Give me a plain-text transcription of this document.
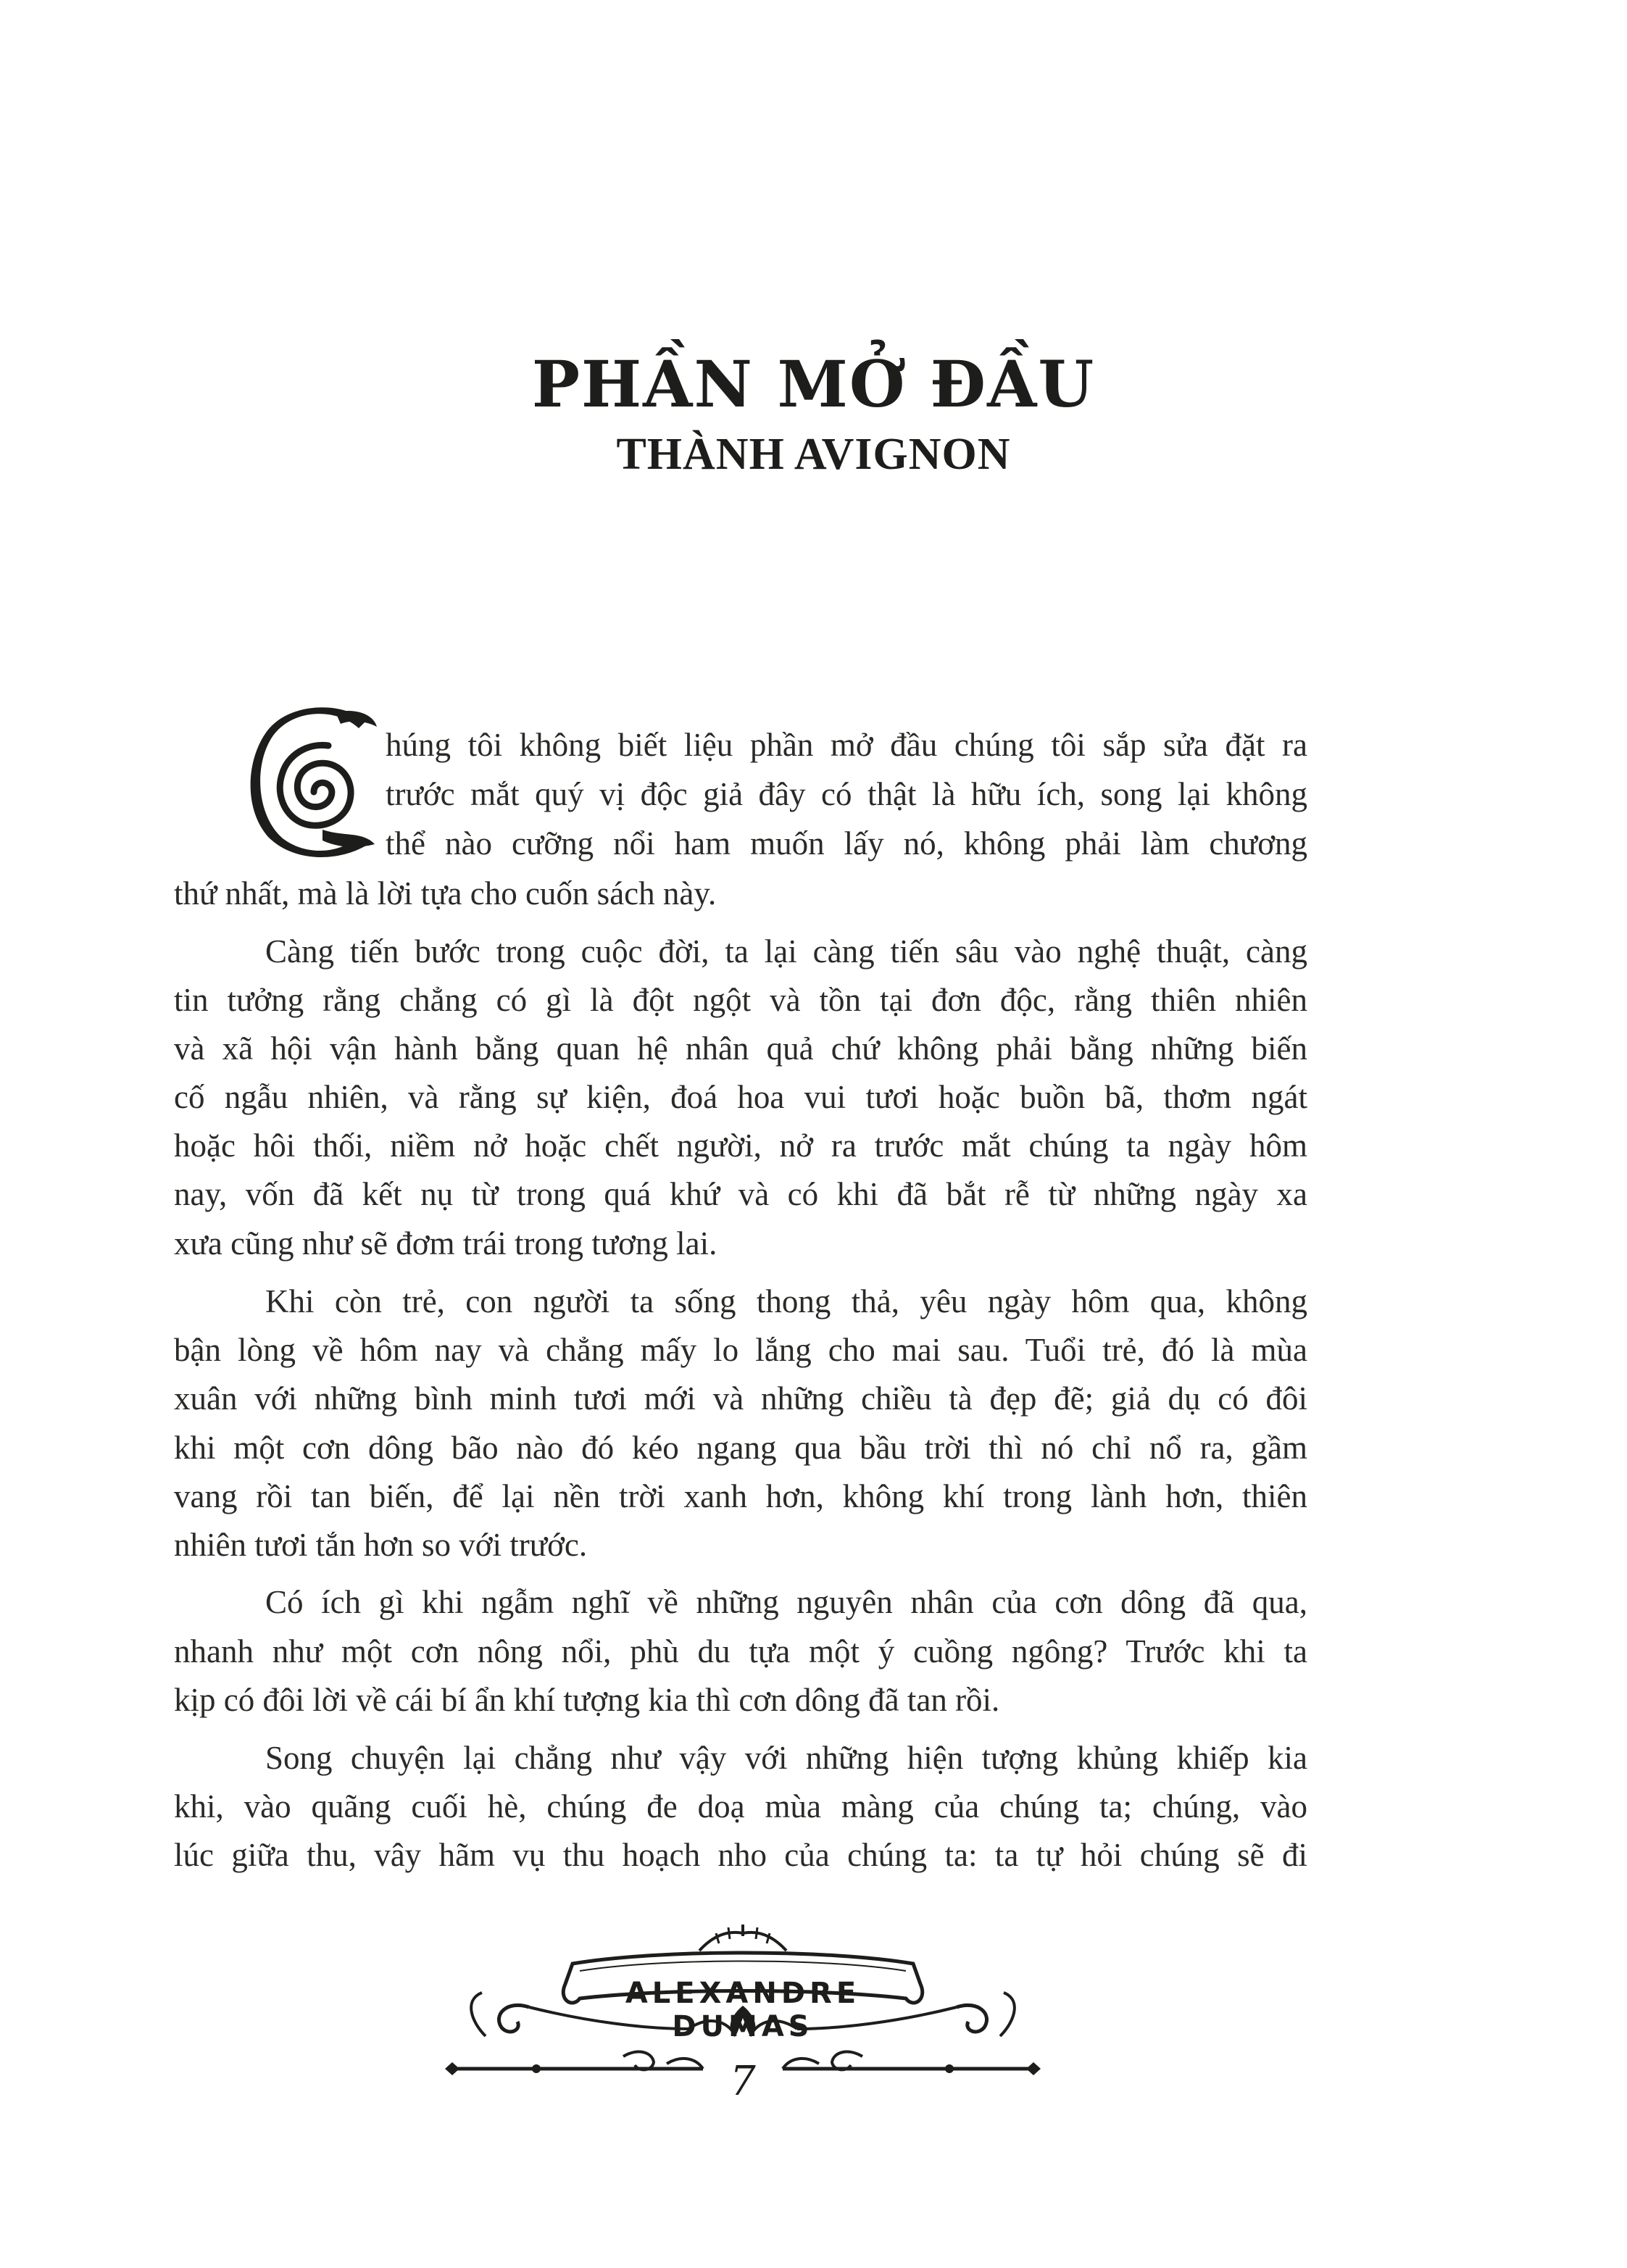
PHẦN MỞ ĐẦU
THÀNH AVIGNON
húng tôi không biết liệu phần mở đầu chúng tôi sắp sửa đặt ra
trước mắt quý vị độc giả đây có thật là hữu ích, song lại không
thể nào cưỡng nổi ham muốn lấy nó, không phải làm chương
thứ nhất, mà là lời tựa cho cuốn sách này.
Càng tiến bước trong cuộc đời, ta lại càng tiến sâu vào nghệ thuật, càng
tin tưởng rằng chẳng có gì là đột ngột và tồn tại đơn độc, rằng thiên nhiên
và xã hội vận hành bằng quan hệ nhân quả chứ không phải bằng những biến
cố ngẫu nhiên, và rằng sự kiện, đoá hoa vui tươi hoặc buồn bã, thơm ngát
hoặc hôi thối, niềm nở hoặc chết người, nở ra trước mắt chúng ta ngày hôm
nay, vốn đã kết nụ từ trong quá khứ và có khi đã bắt rễ từ những ngày xa
xưa cũng như sẽ đơm trái trong tương lai.
Khi còn trẻ, con người ta sống thong thả, yêu ngày hôm qua, không
bận lòng về hôm nay và chẳng mấy lo lắng cho mai sau. Tuổi trẻ, đó là mùa
xuân với những bình minh tươi mới và những chiều tà đẹp đẽ; giả dụ có đôi
khi một cơn dông bão nào đó kéo ngang qua bầu trời thì nó chỉ nổ ra, gầm
vang rồi tan biến, để lại nền trời xanh hơn, không khí trong lành hơn, thiên
nhiên tươi tắn hơn so với trước.
Có ích gì khi ngẫm nghĩ về những nguyên nhân của cơn dông đã qua,
nhanh như một cơn nông nổi, phù du tựa một ý cuồng ngông? Trước khi ta
kịp có đôi lời về cái bí ẩn khí tượng kia thì cơn dông đã tan rồi.
Song chuyện lại chẳng như vậy với những hiện tượng khủng khiếp kia
khi, vào quãng cuối hè, chúng đe doạ mùa màng của chúng ta; chúng, vào
lúc giữa thu, vây hãm vụ thu hoạch nho của chúng ta: ta tự hỏi chúng sẽ đi
ALEXANDRE DUMAS
7
